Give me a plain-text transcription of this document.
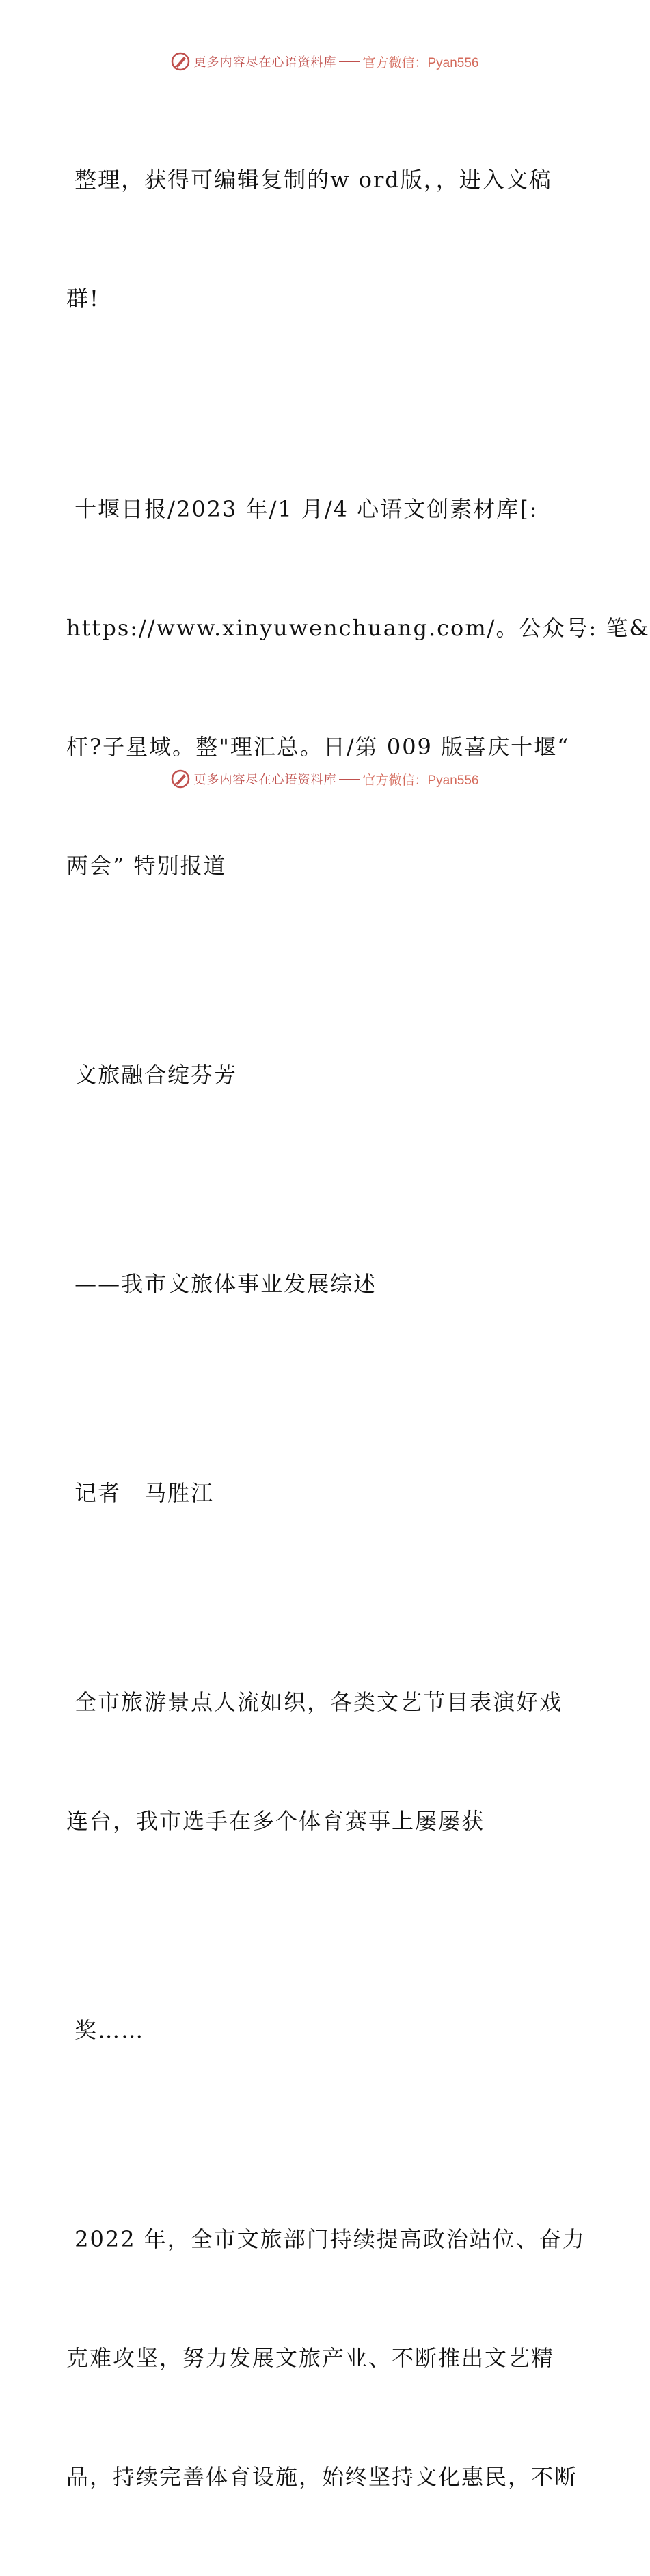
更多内容尽在心语资料库 官方微信：Pyan556

整理，获得可编辑复制的w ord版，，进入文稿

群!

十堰日报/2023 年/1 月/4 心语文创素材库[:

https://www.xinyuwenchuang.com/。公众号: 笔&

杆?子星域。整"理汇总。日/第 009 版喜庆十堰“

两会” 特别报道

文旅融合绽芬芳

——我市文旅体事业发展综述

记者　马胜江

全市旅游景点人流如织，各类文艺节目表演好戏

连台，我市选手在多个体育赛事上屡屡获

奖……

2022 年，全市文旅部门持续提高政治站位、奋力

克难攻坚，努力发展文旅产业、不断推出文艺精

品，持续完善体育设施，始终坚持文化惠民，不断

更多内容尽在心语资料库 官方微信：Pyan556
